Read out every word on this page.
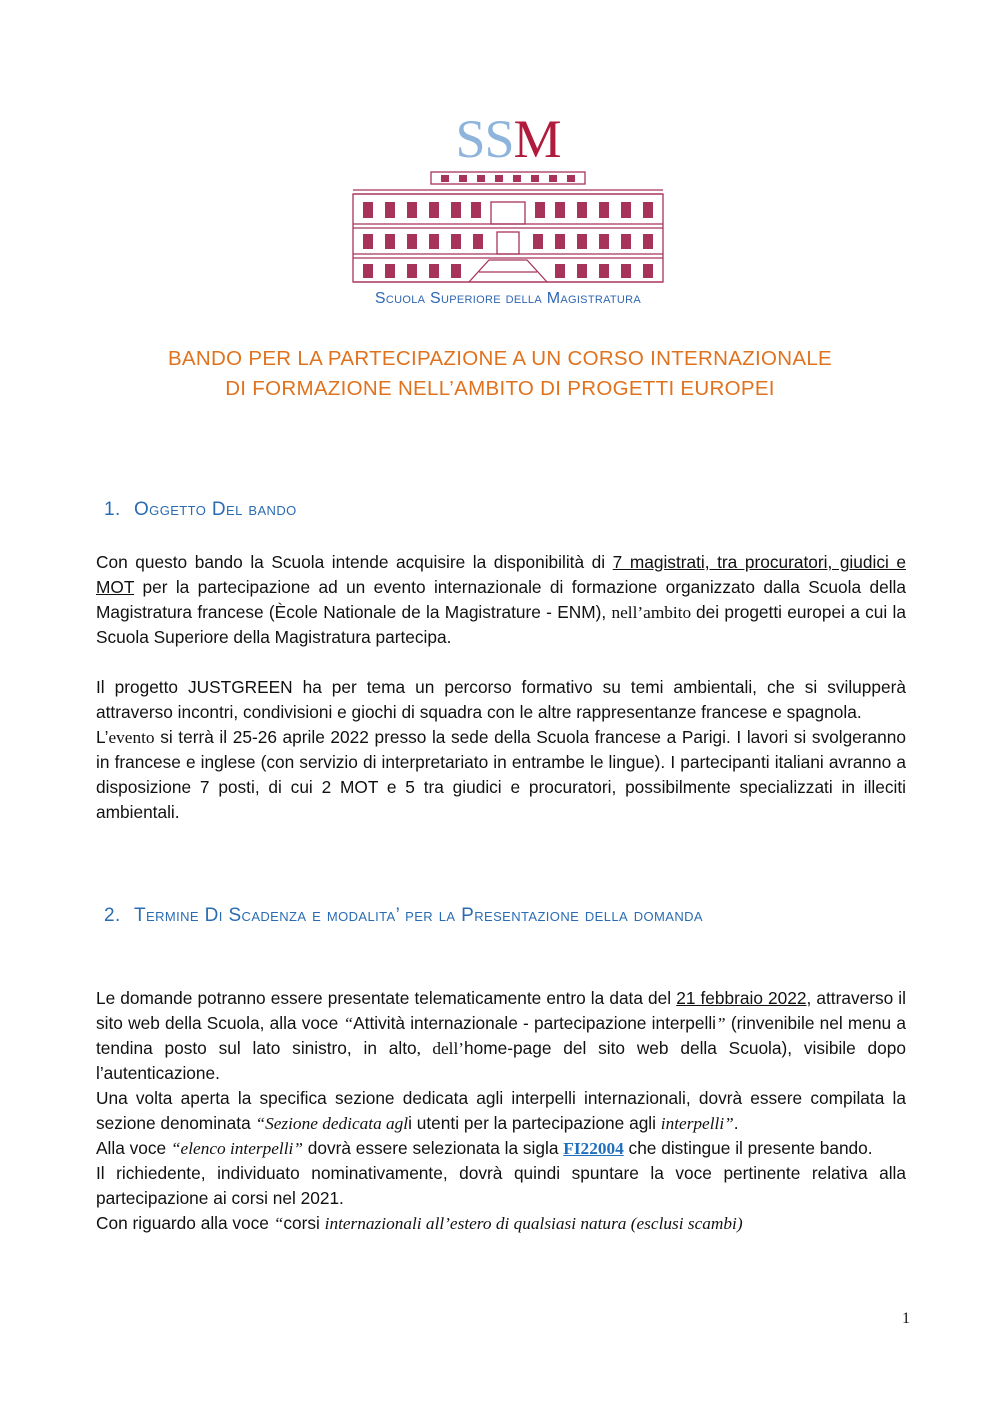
SSM
Scuola Superiore della Magistratura
BANDO PER LA PARTECIPAZIONE A UN CORSO INTERNAZIONALE
DI FORMAZIONE NELL’AMBITO DI PROGETTI EUROPEI
1. Oggetto Del bando

Con questo bando la Scuola intende acquisire la disponibilità di 7 magistrati, tra procuratori, giudici e MOT per la partecipazione ad un evento internazionale di formazione organizzato dalla Scuola della Magistratura francese (Ècole Nationale de la Magistrature - ENM), nell’ambito dei progetti europei a cui la Scuola Superiore della Magistratura partecipa.

Il progetto JUSTGREEN ha per tema un percorso formativo su temi ambientali, che si svilupperà attraverso incontri, condivisioni e giochi di squadra con le altre rappresentanze francese e spagnola.

L’evento si terrà il 25-26 aprile 2022 presso la sede della Scuola francese a Parigi. I lavori si svolgeranno in francese e inglese (con servizio di interpretariato in entrambe le lingue). I partecipanti italiani avranno a disposizione 7 posti, di cui 2 MOT e 5 tra giudici e procuratori, possibilmente specializzati in illeciti ambientali.

2. Termine Di Scadenza e modalita’ per la Presentazione della domanda

Le domande potranno essere presentate telematicamente entro la data del 21 febbraio 2022, attraverso il sito web della Scuola, alla voce “Attività internazionale - partecipazione interpelli” (rinvenibile nel menu a tendina posto sul lato sinistro, in alto, dell’home-page del sito web della Scuola), visibile dopo l’autenticazione.

Una volta aperta la specifica sezione dedicata agli interpelli internazionali, dovrà essere compilata la sezione denominata “Sezione dedicata agli utenti per la partecipazione agli interpelli”.

Alla voce “elenco interpelli” dovrà essere selezionata la sigla FI22004 che distingue il presente bando.

Il richiedente, individuato nominativamente, dovrà quindi spuntare la voce pertinente relativa alla partecipazione ai corsi nel 2021.

Con riguardo alla voce “corsi internazionali all’estero di qualsiasi natura (esclusi scambi)

1
